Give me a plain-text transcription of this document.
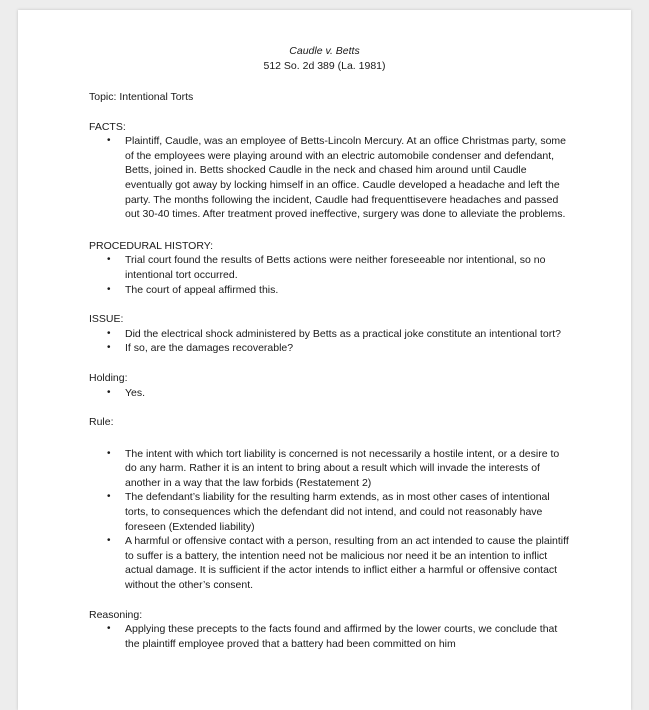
Caudle v. Betts
512 So. 2d 389 (La. 1981)

Topic: Intentional Torts

FACTS:

• Plaintiff, Caudle, was an employee of Betts-Lincoln Mercury. At an office Christmas party, some of the employees were playing around with an electric automobile condenser and defendant, Betts, joined in. Betts shocked Caudle in the neck and chased him around until Caudle eventually got away by locking himself in an office. Caudle developed a headache and left the party. The months following the incident, Caudle had frequenttisevere headaches and passed out 30-40 times. After treatment proved ineffective, surgery was done to alleviate the problems.

PROCEDURAL HISTORY:

• Trial court found the results of Betts actions were neither foreseeable nor intentional, so no intentional tort occurred.
• The court of appeal affirmed this.

ISSUE:

• Did the electrical shock administered by Betts as a practical joke constitute an intentional tort?
• If so, are the damages recoverable?

Holding:

• Yes.

Rule:

• The intent with which tort liability is concerned is not necessarily a hostile intent, or a desire to do any harm. Rather it is an intent to bring about a result which will invade the interests of another in a way that the law forbids (Restatement 2)
• The defendant’s liability for the resulting harm extends, as in most other cases of intentional torts, to consequences which the defendant did not intend, and could not reasonably have foreseen (Extended liability)
• A harmful or offensive contact with a person, resulting from an act intended to cause the plaintiff to suffer is a battery, the intention need not be malicious nor need it be an intention to inflict actual damage. It is sufficient if the actor intends to inflict either a harmful or offensive contact without the other’s consent.

Reasoning:

• Applying these precepts to the facts found and affirmed by the lower courts, we conclude that the plaintiff employee proved that a battery had been committed on him
